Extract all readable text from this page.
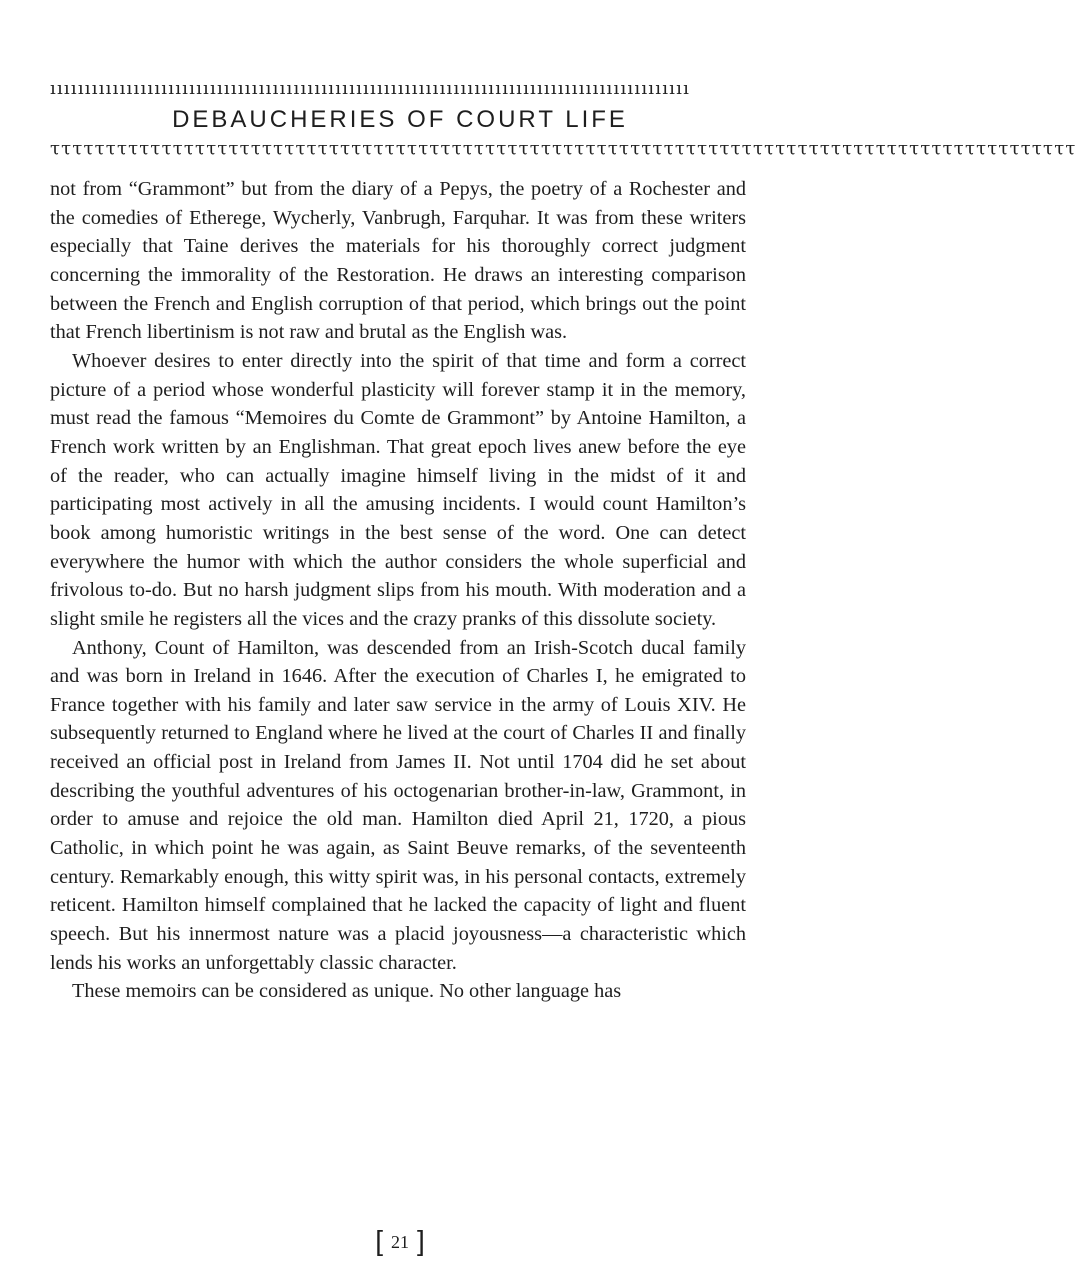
ıııııııııııııııııııııııııııııııııııııııııııııııııııııııııııııııııııııııııııııııııııııııııııı
DEBAUCHERIES OF COURT LIFE
ττττττττττττττττττττττττττττττττττττττττττττττττττττττττττττττττττττττττττττττττττττττττττττ

not from “Grammont” but from the diary of a Pepys, the poetry of a Rochester and the comedies of Etherege, Wycherly, Vanbrugh, Farquhar. It was from these writers especially that Taine derives the materials for his thoroughly correct judgment concerning the immorality of the Restoration. He draws an interesting comparison between the French and English corruption of that period, which brings out the point that French libertinism is not raw and brutal as the English was.

Whoever desires to enter directly into the spirit of that time and form a correct picture of a period whose wonderful plasticity will forever stamp it in the memory, must read the famous “Memoires du Comte de Grammont” by Antoine Hamilton, a French work written by an Englishman. That great epoch lives anew before the eye of the reader, who can actually imagine himself living in the midst of it and participating most actively in all the amusing incidents. I would count Hamilton’s book among humoristic writings in the best sense of the word. One can detect everywhere the humor with which the author considers the whole superficial and frivolous to-do. But no harsh judgment slips from his mouth. With moderation and a slight smile he registers all the vices and the crazy pranks of this dissolute society.

Anthony, Count of Hamilton, was descended from an Irish-Scotch ducal family and was born in Ireland in 1646. After the execution of Charles I, he emigrated to France together with his family and later saw service in the army of Louis XIV. He subsequently returned to England where he lived at the court of Charles II and finally received an official post in Ireland from James II. Not until 1704 did he set about describing the youthful adventures of his octogenarian brother-in-law, Grammont, in order to amuse and rejoice the old man. Hamilton died April 21, 1720, a pious Catholic, in which point he was again, as Saint Beuve remarks, of the seventeenth century. Remarkably enough, this witty spirit was, in his personal contacts, extremely reticent. Hamilton himself complained that he lacked the capacity of light and fluent speech. But his innermost nature was a placid joyousness—a characteristic which lends his works an unforgettably classic character.

These memoirs can be considered as unique. No other language has

[ 21 ]
